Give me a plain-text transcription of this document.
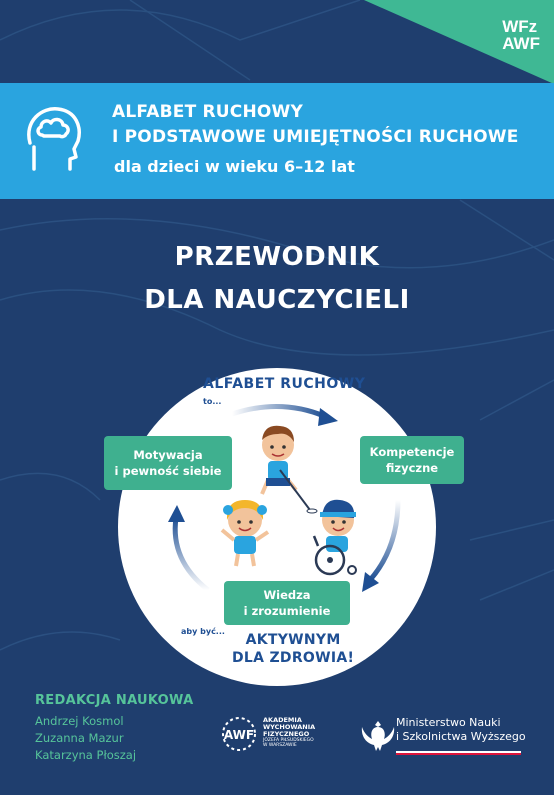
WFz
AWF
ALFABET RUCHOWY
I PODSTAWOWE UMIEJĘTNOŚCI RUCHOWE
dla dzieci w wieku 6–12 lat
PRZEWODNIK
DLA NAUCZYCIELI
ALFABET RUCHOWY
to...
Motywacja
i pewność siebie
Kompetencje
fizyczne
Wiedza
i zrozumienie
aby być...
AKTYWNYM
DLA ZDROWIA!
REDAKCJA NAUKOWA
Andrzej Kosmol
Zuzanna Mazur
Katarzyna Płoszaj
AWF
AKADEMIA
WYCHOWANIA
FIZYCZNEGO
JÓZEFA PIŁSUDSKIEGO
W WARSZAWIE
Ministerstwo Nauki
i Szkolnictwa Wyższego
